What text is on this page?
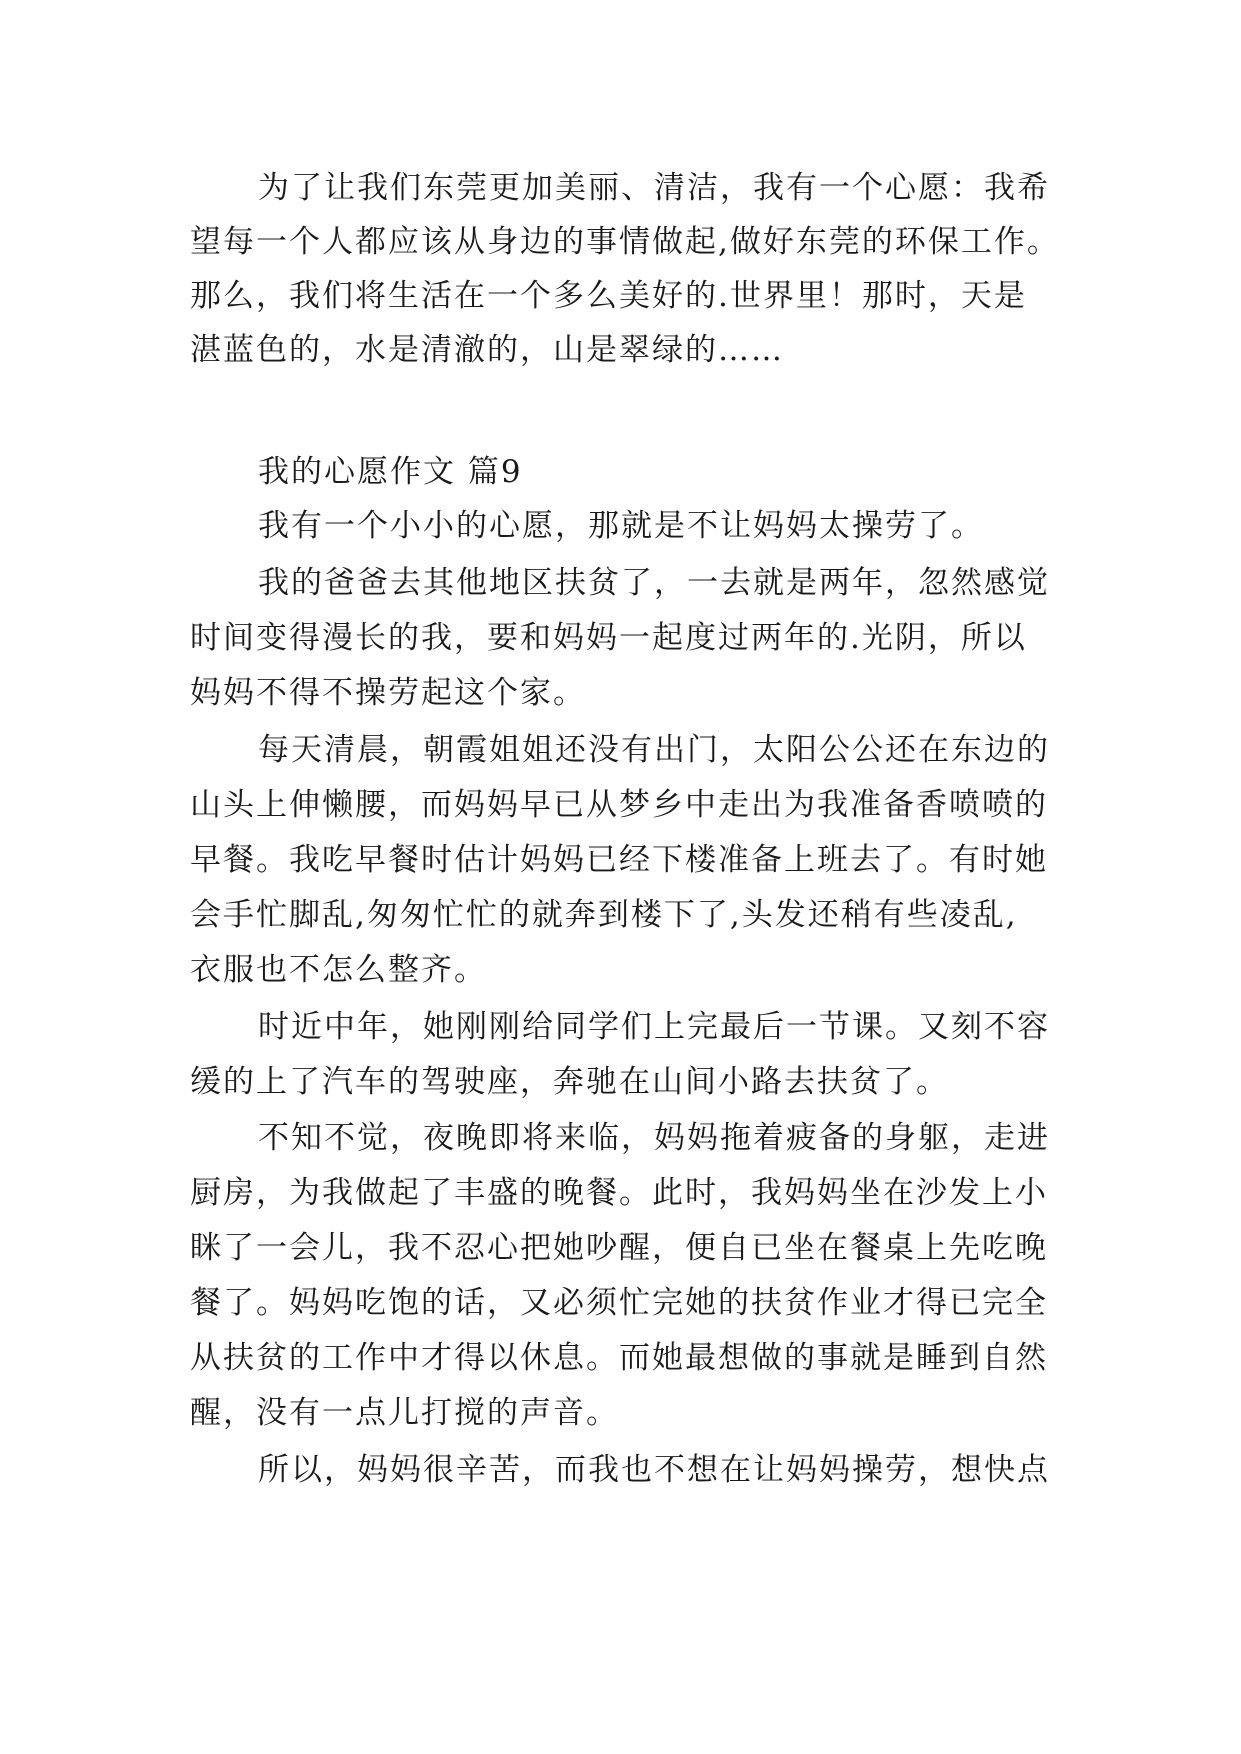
为了让我们东莞更加美丽、清洁，我有一个心愿：我希
望每一个人都应该从身边的事情做起,做好东莞的环保工作。
那么，我们将生活在一个多么美好的.世界里！那时，天是
湛蓝色的，水是清澈的，山是翠绿的……
我的心愿作文 篇9
我有一个小小的心愿，那就是不让妈妈太操劳了。
我的爸爸去其他地区扶贫了，一去就是两年，忽然感觉
时间变得漫长的我，要和妈妈一起度过两年的.光阴，所以
妈妈不得不操劳起这个家。
每天清晨，朝霞姐姐还没有出门，太阳公公还在东边的
山头上伸懒腰，而妈妈早已从梦乡中走出为我准备香喷喷的
早餐。我吃早餐时估计妈妈已经下楼准备上班去了。有时她
会手忙脚乱,匆匆忙忙的就奔到楼下了,头发还稍有些凌乱,
衣服也不怎么整齐。
时近中年，她刚刚给同学们上完最后一节课。又刻不容
缓的上了汽车的驾驶座，奔驰在山间小路去扶贫了。
不知不觉，夜晚即将来临，妈妈拖着疲备的身躯，走进
厨房，为我做起了丰盛的晚餐。此时，我妈妈坐在沙发上小
眯了一会儿，我不忍心把她吵醒，便自已坐在餐桌上先吃晚
餐了。妈妈吃饱的话，又必须忙完她的扶贫作业才得已完全
从扶贫的工作中才得以休息。而她最想做的事就是睡到自然
醒，没有一点儿打搅的声音。
所以，妈妈很辛苦，而我也不想在让妈妈操劳，想快点
